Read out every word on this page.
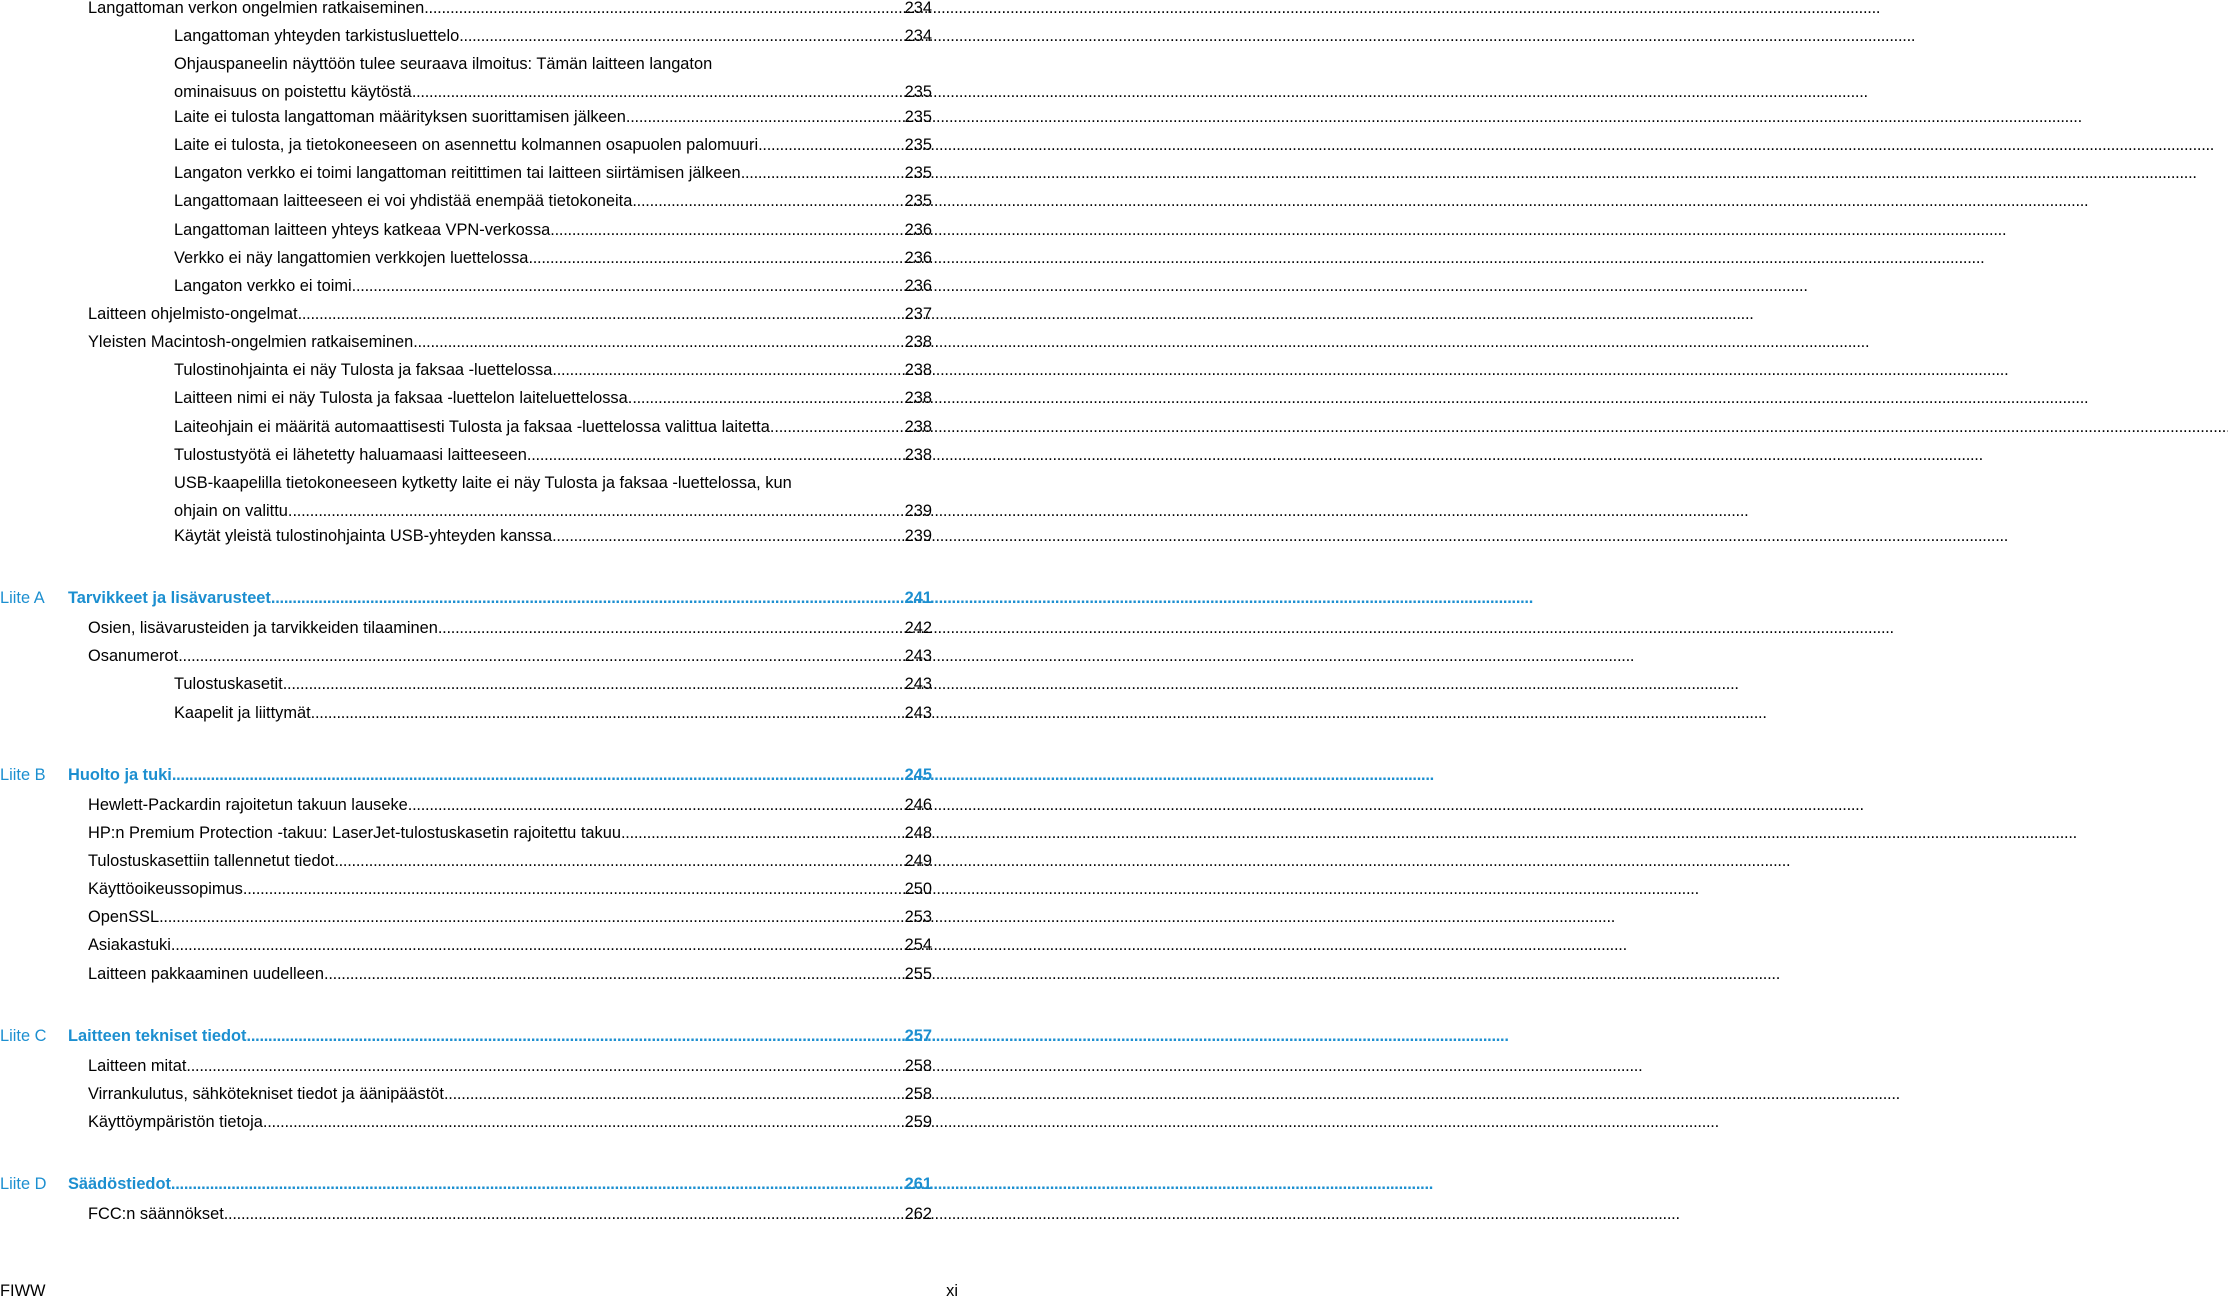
Langattoman verkon ongelmien ratkaiseminen . . .	234
Langattoman yhteyden tarkistusluettelo . . .	234
Ohjauspaneelin näyttöön tulee seuraava ilmoitus: Tämän laitteen langaton
ominaisuus on poistettu käytöstä . . .	235
Laite ei tulosta langattoman määrityksen suorittamisen jälkeen . . .	235
Laite ei tulosta, ja tietokoneeseen on asennettu kolmannen osapuolen palomuuri . . .	235
Langaton verkko ei toimi langattoman reitittimen tai laitteen siirtämisen jälkeen . . .	235
Langattomaan laitteeseen ei voi yhdistää enempää tietokoneita . . .	235
Langattoman laitteen yhteys katkeaa VPN-verkossa . . .	236
Verkko ei näy langattomien verkkojen luettelossa . . .	236
Langaton verkko ei toimi . . .	236
Laitteen ohjelmisto-ongelmat . . .	237
Yleisten Macintosh-ongelmien ratkaiseminen . . .	238
Tulostinohjainta ei näy Tulosta ja faksaa -luettelossa . . .	238
Laitteen nimi ei näy Tulosta ja faksaa -luettelon laiteluettelossa. . . .	238
Laiteohjain ei määritä automaattisesti Tulosta ja faksaa -luettelossa valittua laitetta. . . .	238
Tulostustyötä ei lähetetty haluamaasi laitteeseen . . .	238
USB-kaapelilla tietokoneeseen kytketty laite ei näy Tulosta ja faksaa -luettelossa, kun
ohjain on valittu. . . .	239
Käytät yleistä tulostinohjainta USB-yhteyden kanssa . . .	239
Liite A	Tarvikkeet ja lisävarusteet . . .	241
Osien, lisävarusteiden ja tarvikkeiden tilaaminen . . .	242
Osanumerot . . .	243
Tulostuskasetit . . .	243
Kaapelit ja liittymät . . .	243
Liite B	Huolto ja tuki . . .	245
Hewlett-Packardin rajoitetun takuun lauseke . . .	246
HP:n Premium Protection -takuu: LaserJet-tulostuskasetin rajoitettu takuu . . .	248
Tulostuskasettiin tallennetut tiedot . . .	249
Käyttöoikeussopimus . . .	250
OpenSSL . . .	253
Asiakastuki . . .	254
Laitteen pakkaaminen uudelleen . . .	255
Liite C	Laitteen tekniset tiedot . . .	257
Laitteen mitat . . .	258
Virrankulutus, sähkötekniset tiedot ja äänipäästöt . . .	258
Käyttöympäristön tietoja . . .	259
Liite D	Säädöstiedot . . .	261
FCC:n säännökset . . .	262
FIWW	xi
